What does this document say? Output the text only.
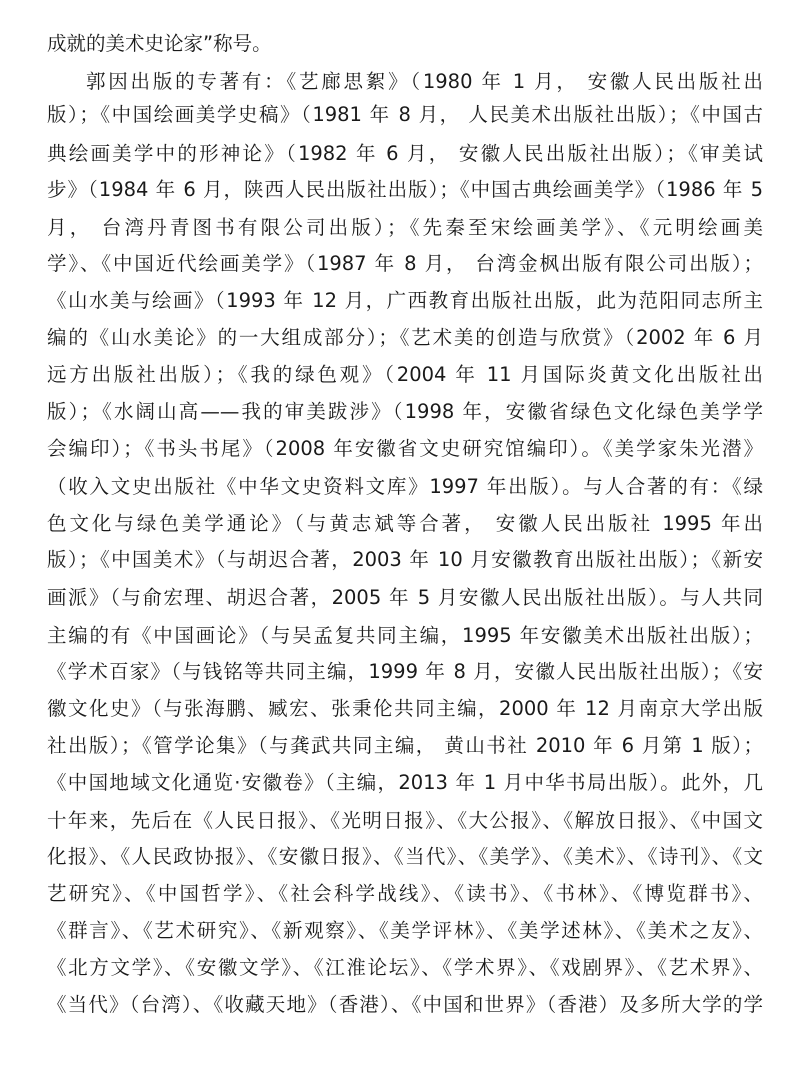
成就的美术史论家”称号。
郭因出版的专著有：《艺廊思絮》（1980 年 1 月， 安徽人民出版社出
版）；《中国绘画美学史稿》（1981 年 8 月， 人民美术出版社出版）；《中国古
典绘画美学中的形神论》（1982 年 6 月， 安徽人民出版社出版）；《审美试
步》（1984 年 6 月，陕西人民出版社出版）；《中国古典绘画美学》（1986 年 5
月， 台湾丹青图书有限公司出版）；《先秦至宋绘画美学》、《元明绘画美
学》、《中国近代绘画美学》（1987 年 8 月， 台湾金枫出版有限公司出版）；
《山水美与绘画》（1993 年 12 月，广西教育出版社出版，此为范阳同志所主
编的《山水美论》的一大组成部分）；《艺术美的创造与欣赏》（2002 年 6 月
远方出版社出版）；《我的绿色观》（2004 年 11 月国际炎黄文化出版社出
版）；《水阔山高——我的审美跋涉》（1998 年，安徽省绿色文化绿色美学学
会编印）；《书头书尾》（2008 年安徽省文史研究馆编印）。《美学家朱光潜》
（收入文史出版社《中华文史资料文库》1997 年出版）。与人合著的有：《绿
色文化与绿色美学通论》（与黄志斌等合著， 安徽人民出版社 1995 年出
版）；《中国美术》（与胡迟合著，2003 年 10 月安徽教育出版社出版）；《新安
画派》（与俞宏理、胡迟合著，2005 年 5 月安徽人民出版社出版）。与人共同
主编的有《中国画论》（与吴孟复共同主编，1995 年安徽美术出版社出版）；
《学术百家》（与钱铭等共同主编，1999 年 8 月，安徽人民出版社出版）；《安
徽文化史》（与张海鹏、臧宏、张秉伦共同主编，2000 年 12 月南京大学出版
社出版）；《管学论集》（与龚武共同主编， 黄山书社 2010 年 6 月第 1 版）；
《中国地域文化通览·安徽卷》（主编，2013 年 1 月中华书局出版）。此外，几
十年来，先后在《人民日报》、《光明日报》、《大公报》、《解放日报》、《中国文
化报》、《人民政协报》、《安徽日报》、《当代》、《美学》、《美术》、《诗刊》、《文
艺研究》、《中国哲学》、《社会科学战线》、《读书》、《书林》、《博览群书》、
《群言》、《艺术研究》、《新观察》、《美学评林》、《美学述林》、《美术之友》、
《北方文学》、《安徽文学》、《江淮论坛》、《学术界》、《戏剧界》、《艺术界》、
《当代》（台湾）、《收藏天地》（香港）、《中国和世界》（香港）及多所大学的学
